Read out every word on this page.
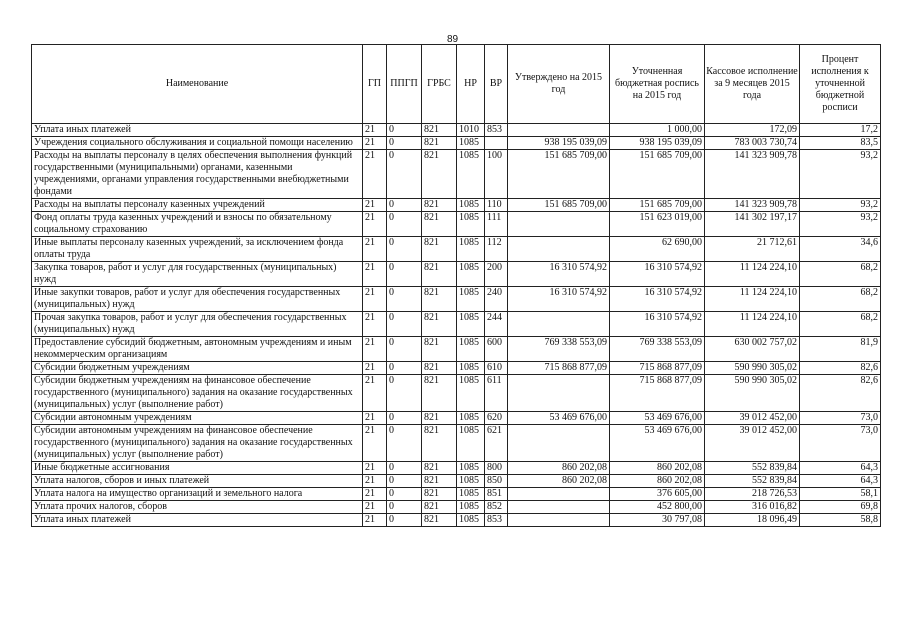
89
Наименование	ГП	ППГП	ГРБС	НР	ВР	Утверждено на 2015 год	Уточненная бюджетная роспись на 2015 год	Кассовое исполнение за 9 месяцев 2015 года	Процент исполнения к уточненной бюджетной росписи
Уплата иных платежей	21	0	821	1010	853		1 000,00	172,09	17,2
Учреждения социального обслуживания и социальной помощи населению	21	0	821	1085		938 195 039,09	938 195 039,09	783 003 730,74	83,5
Расходы на выплаты персоналу в целях обеспечения выполнения функций государственными (муниципальными) органами, казенными учреждениями, органами управления государственными внебюджетными фондами	21	0	821	1085	100	151 685 709,00	151 685 709,00	141 323 909,78	93,2
Расходы на выплаты персоналу казенных учреждений	21	0	821	1085	110	151 685 709,00	151 685 709,00	141 323 909,78	93,2
Фонд оплаты труда казенных учреждений и взносы по обязательному социальному страхованию	21	0	821	1085	111		151 623 019,00	141 302 197,17	93,2
Иные выплаты персоналу казенных учреждений, за исключением фонда оплаты труда	21	0	821	1085	112		62 690,00	21 712,61	34,6
Закупка товаров, работ и услуг для государственных (муниципальных) нужд	21	0	821	1085	200	16 310 574,92	16 310 574,92	11 124 224,10	68,2
Иные закупки товаров, работ и услуг для обеспечения государственных (муниципальных) нужд	21	0	821	1085	240	16 310 574,92	16 310 574,92	11 124 224,10	68,2
Прочая закупка товаров, работ и услуг для обеспечения государственных (муниципальных) нужд	21	0	821	1085	244		16 310 574,92	11 124 224,10	68,2
Предоставление субсидий бюджетным, автономным учреждениям и иным некоммерческим организациям	21	0	821	1085	600	769 338 553,09	769 338 553,09	630 002 757,02	81,9
Субсидии бюджетным учреждениям	21	0	821	1085	610	715 868 877,09	715 868 877,09	590 990 305,02	82,6
Субсидии бюджетным учреждениям на финансовое обеспечение государственного (муниципального) задания на оказание государственных (муниципальных) услуг (выполнение работ)	21	0	821	1085	611		715 868 877,09	590 990 305,02	82,6
Субсидии автономным учреждениям	21	0	821	1085	620	53 469 676,00	53 469 676,00	39 012 452,00	73,0
Субсидии автономным учреждениям на финансовое обеспечение государственного (муниципального) задания на оказание государственных (муниципальных) услуг (выполнение работ)	21	0	821	1085	621		53 469 676,00	39 012 452,00	73,0
Иные бюджетные ассигнования	21	0	821	1085	800	860 202,08	860 202,08	552 839,84	64,3
Уплата налогов, сборов и иных платежей	21	0	821	1085	850	860 202,08	860 202,08	552 839,84	64,3
Уплата налога на имущество организаций и земельного налога	21	0	821	1085	851		376 605,00	218 726,53	58,1
Уплата прочих налогов, сборов	21	0	821	1085	852		452 800,00	316 016,82	69,8
Уплата иных платежей	21	0	821	1085	853		30 797,08	18 096,49	58,8
